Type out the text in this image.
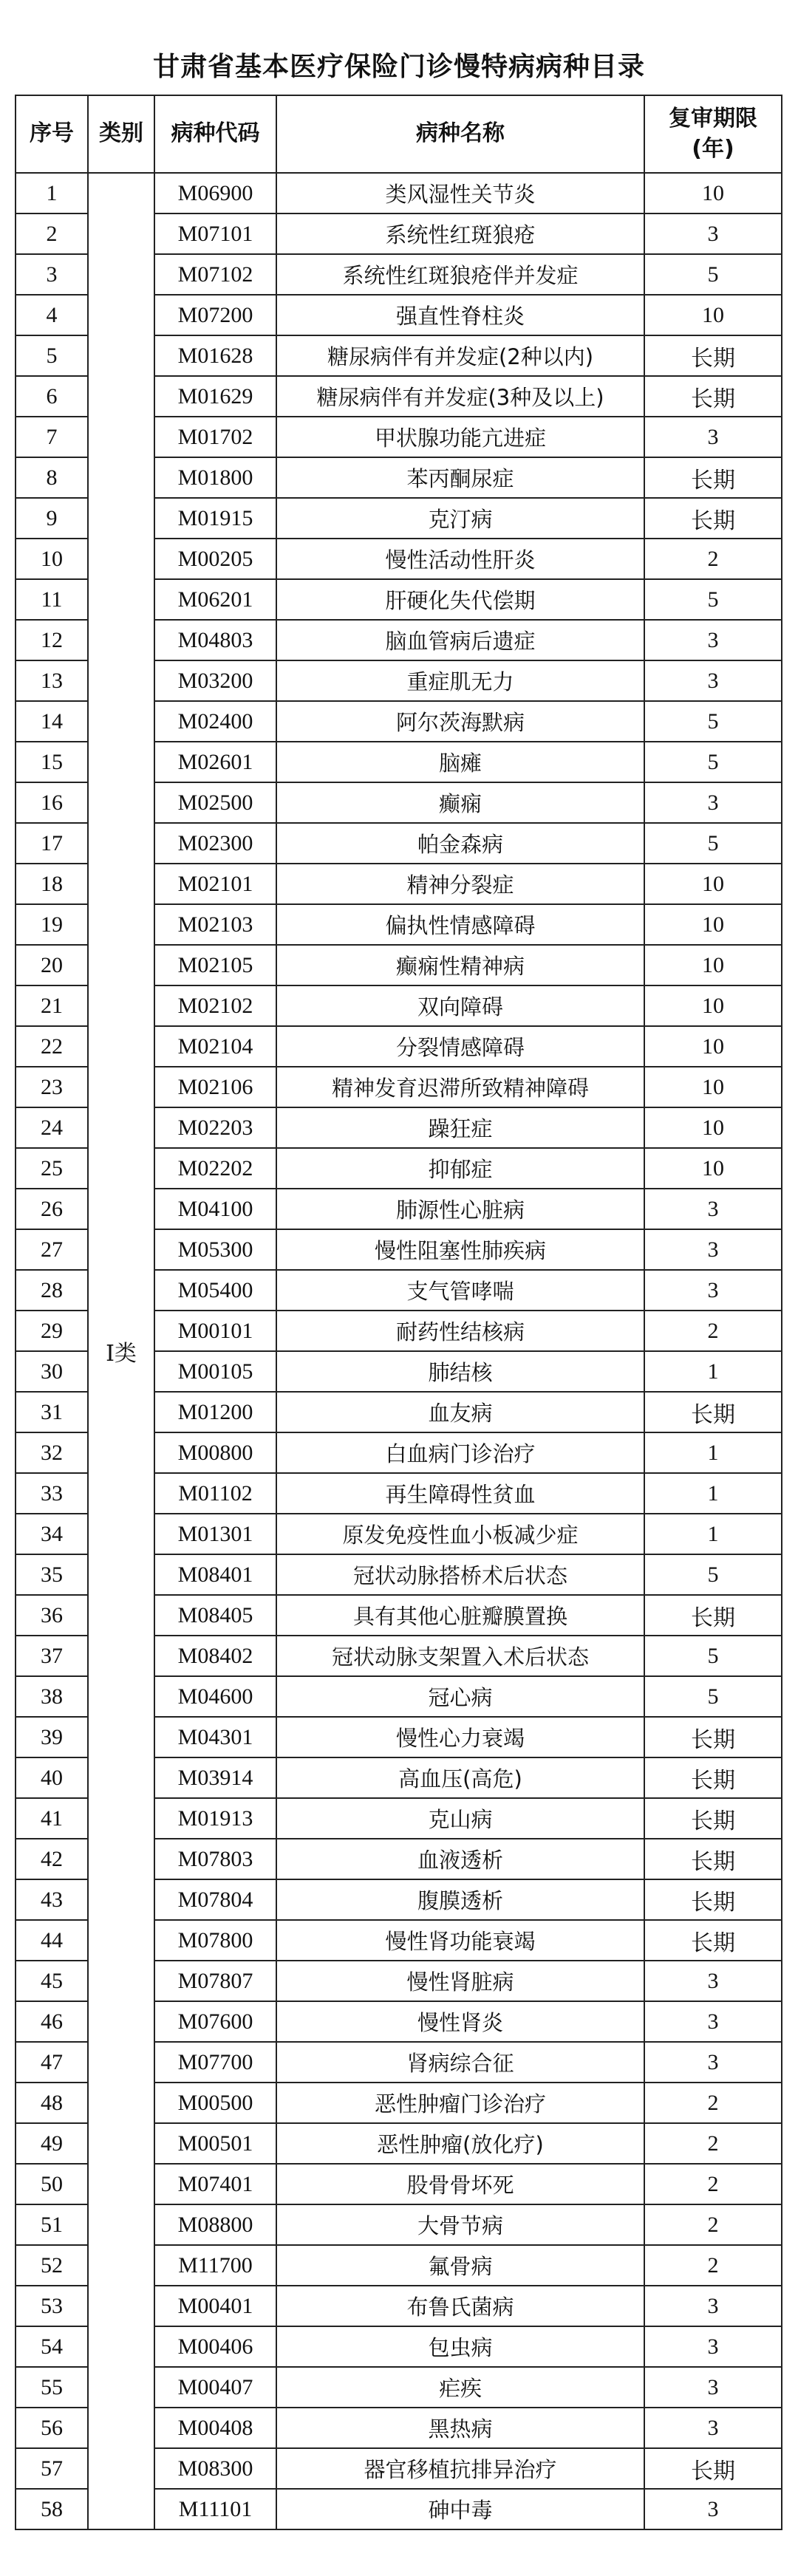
甘肃省基本医疗保险门诊慢特病病种目录
序号	类别	病种代码	病种名称	复审期限
(年)

1	Ⅰ类	M06900	类风湿性关节炎	10
2		M07101	系统性红斑狼疮	3
3		M07102	系统性红斑狼疮伴并发症	5
4		M07200	强直性脊柱炎	10
5		M01628	糖尿病伴有并发症(2种以内)	长期
6		M01629	糖尿病伴有并发症(3种及以上)	长期
7		M01702	甲状腺功能亢进症	3
8		M01800	苯丙酮尿症	长期
9		M01915	克汀病	长期
10		M00205	慢性活动性肝炎	2
11		M06201	肝硬化失代偿期	5
12		M04803	脑血管病后遗症	3
13		M03200	重症肌无力	3
14		M02400	阿尔茨海默病	5
15		M02601	脑瘫	5
16		M02500	癫痫	3
17		M02300	帕金森病	5
18		M02101	精神分裂症	10
19		M02103	偏执性情感障碍	10
20		M02105	癫痫性精神病	10
21		M02102	双向障碍	10
22		M02104	分裂情感障碍	10
23		M02106	精神发育迟滞所致精神障碍	10
24		M02203	躁狂症	10
25		M02202	抑郁症	10
26		M04100	肺源性心脏病	3
27		M05300	慢性阻塞性肺疾病	3
28		M05400	支气管哮喘	3
29		M00101	耐药性结核病	2
30		M00105	肺结核	1
31		M01200	血友病	长期
32		M00800	白血病门诊治疗	1
33		M01102	再生障碍性贫血	1
34		M01301	原发免疫性血小板减少症	1
35		M08401	冠状动脉搭桥术后状态	5
36		M08405	具有其他心脏瓣膜置换	长期
37		M08402	冠状动脉支架置入术后状态	5
38		M04600	冠心病	5
39		M04301	慢性心力衰竭	长期
40		M03914	高血压(高危)	长期
41		M01913	克山病	长期
42		M07803	血液透析	长期
43		M07804	腹膜透析	长期
44		M07800	慢性肾功能衰竭	长期
45		M07807	慢性肾脏病	3
46		M07600	慢性肾炎	3
47		M07700	肾病综合征	3
48		M00500	恶性肿瘤门诊治疗	2
49		M00501	恶性肿瘤(放化疗)	2
50		M07401	股骨骨坏死	2
51		M08800	大骨节病	2
52		M11700	氟骨病	2
53		M00401	布鲁氏菌病	3
54		M00406	包虫病	3
55		M00407	疟疾	3
56		M00408	黑热病	3
57		M08300	器官移植抗排异治疗	长期
58		M11101	砷中毒	3
